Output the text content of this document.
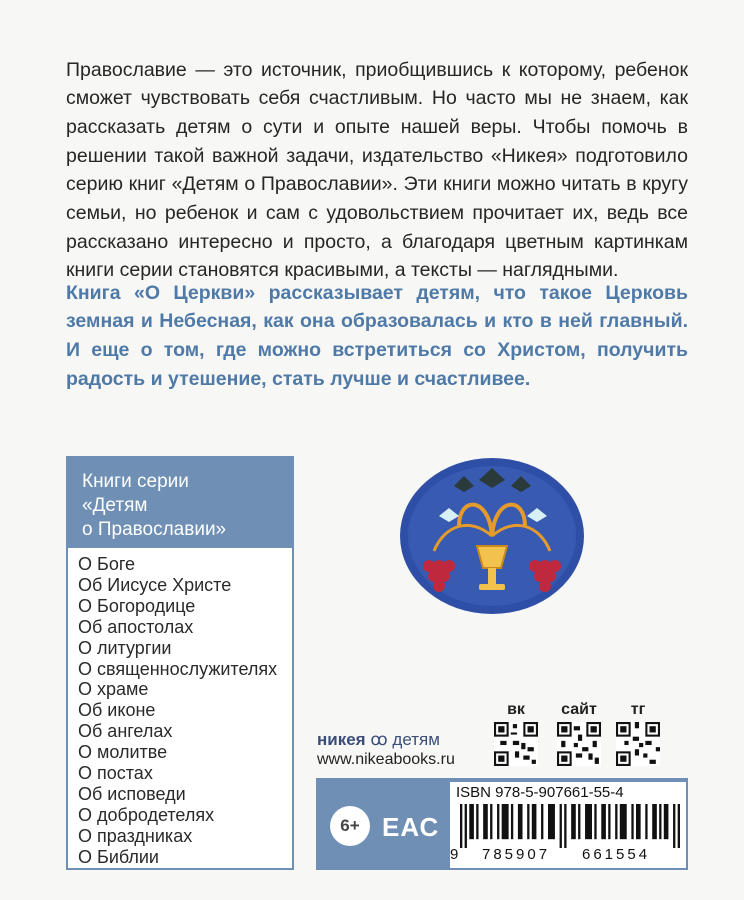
Православие — это источник, приобщившись к которому, ребенок сможет чувствовать себя счастливым. Но часто мы не знаем, как рассказать детям о сути и опыте нашей веры. Чтобы помочь в решении такой важной задачи, издательство «Никея» подготовило серию книг «Детям о Православии». Эти книги можно читать в кругу семьи, но ребенок и сам с удовольствием прочитает их, ведь все рассказано интересно и просто, а благодаря цветным картинкам книги серии становятся красивыми, а тексты — наглядными.

Книга «О Церкви» рассказывает детям, что такое Церковь земная и Небесная, как она образовалась и кто в ней главный. И еще о том, где можно встретиться со Христом, получить радость и утешение, стать лучше и счастливее.

Книги серии
«Детям
о Православии»
О Боге
Об Иисусе Христе
О Богородице
Об апостолах
О литургии
О священнослужителях
О храме
Об иконе
Об ангелах
О молитве
О постах
Об исповеди
О добродетелях
О праздниках
О Библии
вк	сайт	тг
никея ꝏ детям
www.nikeabooks.ru
6+ ЕАС
ISBN 978-5-907661-55-4
9 785907 661554
